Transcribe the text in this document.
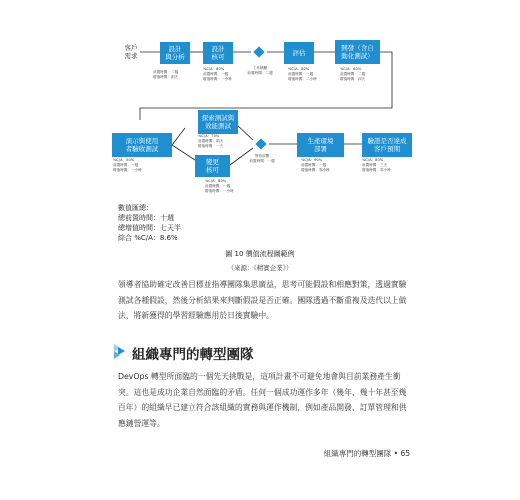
客戶
需求
設計
與分析
前置時間：二週
增值時間：兩天
設計
核可
%C/A：80%
前置時間：一週
增值時間：一小時
工作積壓
前置時間：二週
評估
%C/A：80%
前置時間：一週
增值時間：二小時
開發（含自
動化測試）
%C/A：60%
前置時間：二週
增值時間：四天
演示與使用
者驗收測試
%C/A：50%
前置時間：一週
增值時間：一小時
探索測試與
效能測試
%C/A：75%
前置時間：兩天
增值時間：一天
變更
核可
%C/A：80%
前置時間：一週
增值時間：一小時
等待部署
前置時間：一週
生產環境
部署
%C/A：90%
前置時間：一週
增值時間：零小時
驗證是否達成
客戶預期
%C/A：80%
前置時間：三天
增值時間：零小時
數值匯總：
總前置時間：十週
總增值時間：七天半
綜合 %C/A：8.6%
圖 10 價值流程圖範例
（來源：《精實企業》）
領導者協助確定改善目標並指導團隊集思廣益，思考可能假設和相應對策，透過實驗測試各種假設，然後分析結果來判斷假設是否正確。團隊透過不斷重複及迭代以上做法，將新獲得的學習經驗應用於日後實驗中。
組織專門的轉型團隊
DevOps 轉型所面臨的一個先天挑戰是，這項計畫不可避免地會與目前業務產生衝突。這也是成功企業自然面臨的矛盾。任何一個成功運作多年（幾年、幾十年甚至幾百年）的組織早已建立符合該組織的實務與運作機制，例如產品開發、訂單管理和供應鏈營運等。
組織專門的轉型團隊 • 65
